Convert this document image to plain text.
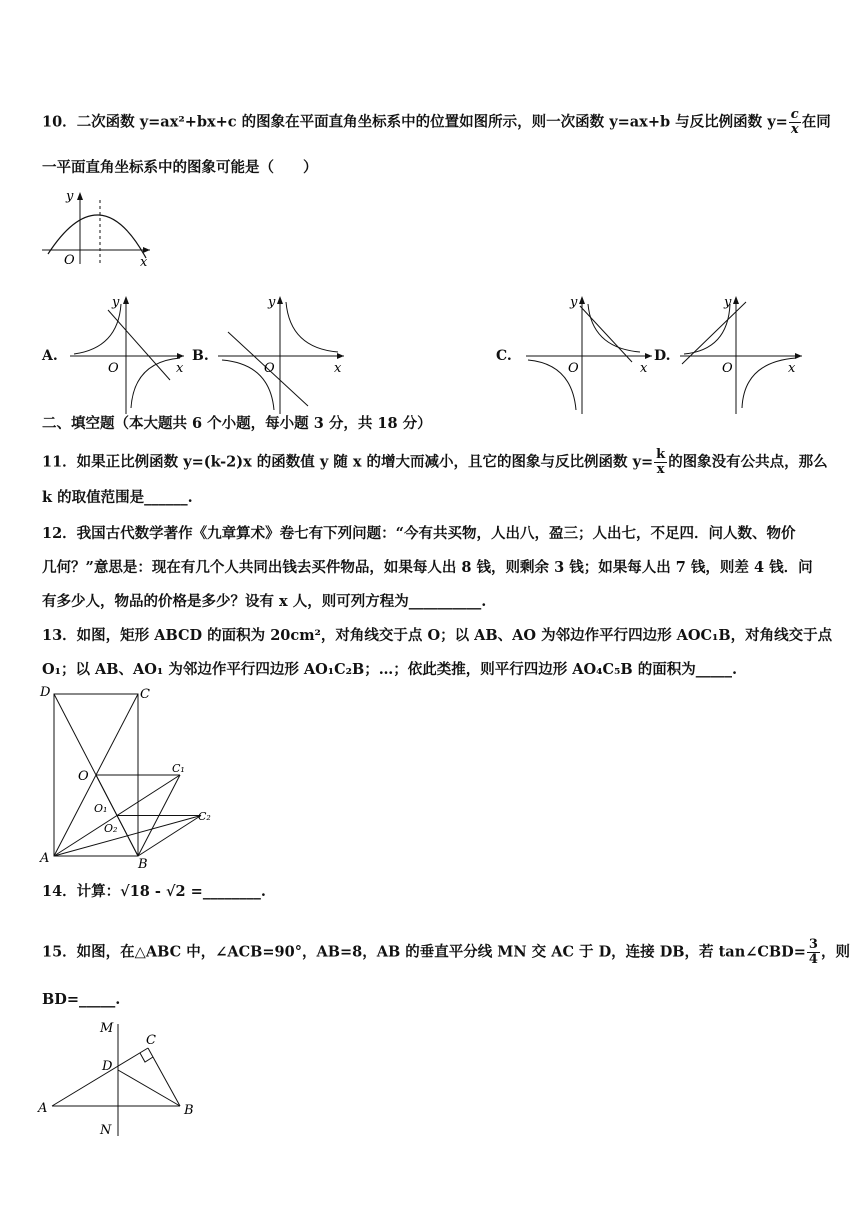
10．二次函数 y=ax²+bx+c 的图象在平面直角坐标系中的位置如图所示，则一次函数 y=ax+b 与反比例函数 $y= \frac{c}{x}$ 在同
一平面直角坐标系中的图象可能是（　　）
y
O	x
A.
y
O	x
B.
y
O	x
C.
y
O	x
D.
y
O	x
二、填空题（本大题共 6 个小题，每小题 3 分，共 18 分）
11．如果正比例函数 y=(k-2)x 的函数值 y 随 x 的增大而减小，且它的图象与反比例函数 $y= \frac{k}{x}$ 的图象没有公共点，那么
k 的取值范围是______.
12．我国古代数学著作《九章算术》卷七有下列问题：“今有共买物，人出八，盈三；人出七，不足四．问人数、物价
几何？”意思是：现在有几个人共同出钱去买件物品，如果每人出 8 钱，则剩余 3 钱；如果每人出 7 钱，则差 4 钱．问
有多少人，物品的价格是多少？设有 x 人，则可列方程为__________.
13．如图，矩形 ABCD 的面积为 20cm²，对角线交于点 O；以 AB、AO 为邻边作平行四边形 AOC₁B，对角线交于点
O₁；以 AB、AO₁ 为邻边作平行四边形 AO₁C₂B；…；依此类推，则平行四边形 AO₄C₅B 的面积为_____.
D	C
O
C₁
O₁
C₂
O₂
A	B
14．计算：√18 - √2 =________.
15．如图，在△ABC 中，∠ACB=90°，AB=8，AB 的垂直平分线 MN 交 AC 于 D，连接 DB，若 tan∠CBD= $\frac{3}{4}$ ，则
BD=_____.
M
C
D
A	B
N
